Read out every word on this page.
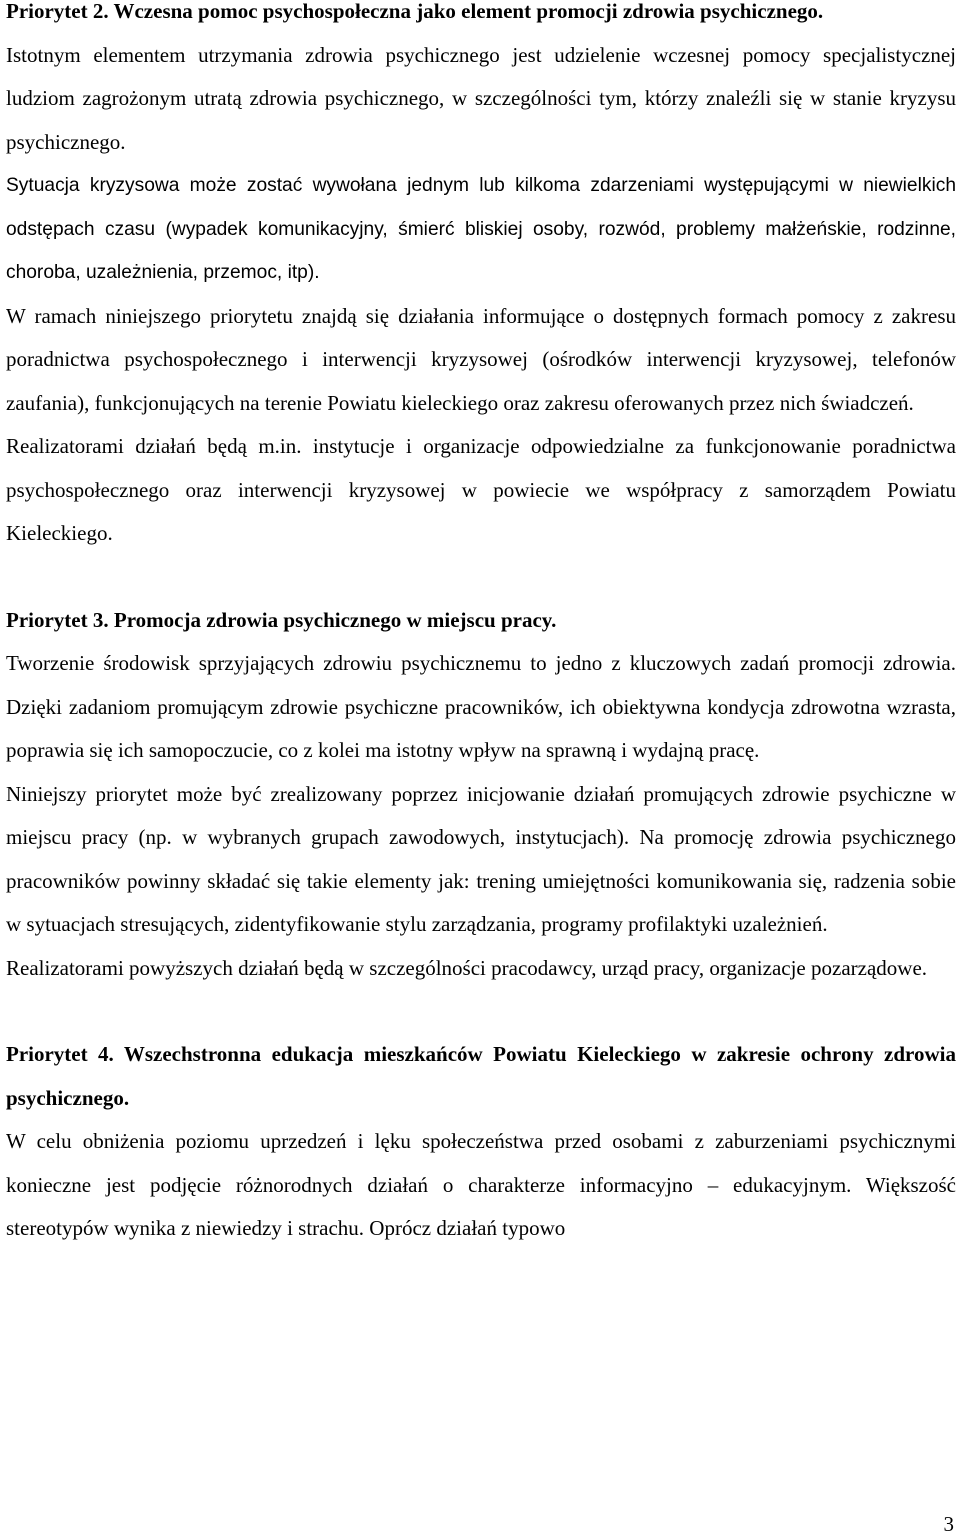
Priorytet 2. Wczesna pomoc psychospołeczna jako element promocji zdrowia psychicznego.

Istotnym elementem utrzymania zdrowia psychicznego jest udzielenie wczesnej pomocy specjalistycznej ludziom zagrożonym utratą zdrowia psychicznego, w szczególności tym, którzy znaleźli się w stanie kryzysu psychicznego.

Sytuacja kryzysowa może zostać wywołana jednym lub kilkoma zdarzeniami występującymi w niewielkich odstępach czasu (wypadek komunikacyjny, śmierć bliskiej osoby, rozwód, problemy małżeńskie, rodzinne, choroba, uzależnienia, przemoc, itp).

W ramach niniejszego priorytetu znajdą się działania informujące o dostępnych formach pomocy z zakresu poradnictwa psychospołecznego i interwencji kryzysowej (ośrodków interwencji kryzysowej, telefonów zaufania), funkcjonujących na terenie Powiatu kieleckiego oraz zakresu oferowanych przez nich świadczeń.

Realizatorami działań będą m.in. instytucje i organizacje odpowiedzialne za funkcjonowanie poradnictwa psychospołecznego oraz interwencji kryzysowej w powiecie we współpracy z samorządem Powiatu Kieleckiego.

Priorytet 3. Promocja zdrowia psychicznego w miejscu pracy.

Tworzenie środowisk sprzyjających zdrowiu psychicznemu to jedno z kluczowych zadań promocji zdrowia. Dzięki zadaniom promującym zdrowie psychiczne pracowników, ich obiektywna kondycja zdrowotna wzrasta, poprawia się ich samopoczucie, co z kolei ma istotny wpływ na sprawną i wydajną pracę.

Niniejszy priorytet może być zrealizowany poprzez inicjowanie działań promujących zdrowie psychiczne w miejscu pracy (np. w wybranych grupach zawodowych, instytucjach). Na promocję zdrowia psychicznego pracowników powinny składać się takie elementy jak: trening umiejętności komunikowania się, radzenia sobie w sytuacjach stresujących, zidentyfikowanie stylu zarządzania, programy profilaktyki uzależnień.

Realizatorami powyższych działań będą w szczególności pracodawcy, urząd pracy, organizacje pozarządowe.

Priorytet 4. Wszechstronna edukacja mieszkańców Powiatu Kieleckiego w zakresie ochrony zdrowia psychicznego.

W celu obniżenia poziomu uprzedzeń i lęku społeczeństwa przed osobami z zaburzeniami psychicznymi konieczne jest podjęcie różnorodnych działań o charakterze informacyjno – edukacyjnym. Większość stereotypów wynika z niewiedzy i strachu. Oprócz działań typowo

3
